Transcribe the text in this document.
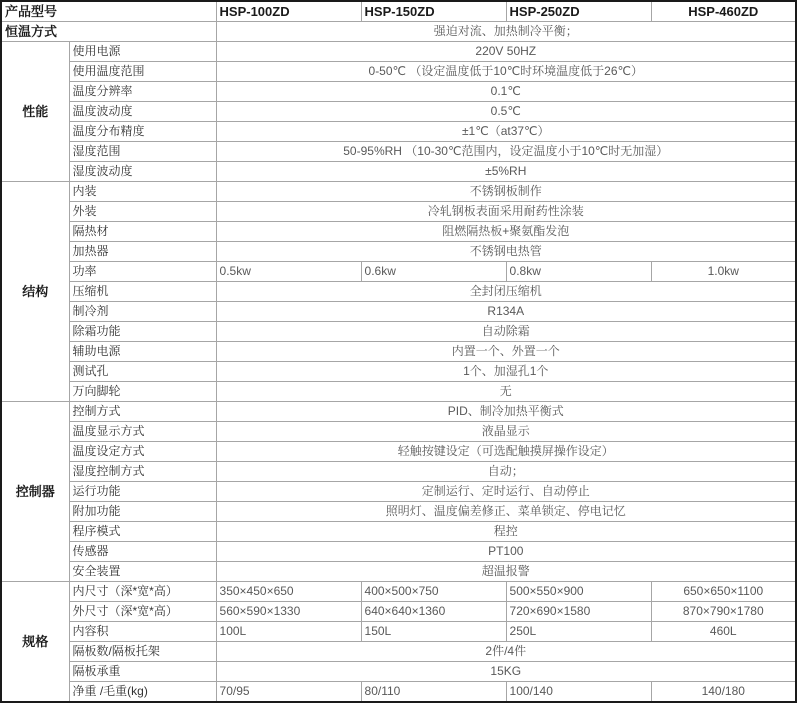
产品型号		HSP-100ZD	HSP-150ZD	HSP-250ZD	HSP-460ZD
恒温方式		强迫对流、加热制冷平衡；			
性能	使用电源	220V 50HZ			
	使用温度范围	0-50℃ （设定温度低于10℃时环境温度低于26℃）			
	温度分辨率	0.1℃			
	温度波动度	0.5℃			
	温度分布精度	±1℃（at37℃）			
	湿度范围	50-95%RH （10-30℃范围内，设定温度小于10℃时无加湿）			
	湿度波动度	±5%RH			
结构	内装	不锈钢板制作			
	外装	冷轧钢板表面采用耐药性涂装			
	隔热材	阻燃隔热板+聚氨酯发泡			
	加热器	不锈钢电热管			
	功率	0.5kw	0.6kw	0.8kw	1.0kw
	压缩机	全封闭压缩机			
	制冷剂	R134A			
	除霜功能	自动除霜			
	辅助电源	内置一个、外置一个			
	测试孔	1个、加湿孔1个			
	万向脚轮	无			
控制器	控制方式	PID、制冷加热平衡式			
	温度显示方式	液晶显示			
	温度设定方式	轻触按键设定（可选配触摸屏操作设定）			
	湿度控制方式	自动；			
	运行功能	定制运行、定时运行、自动停止			
	附加功能	照明灯、温度偏差修正、菜单锁定、停电记忆			
	程序模式	程控			
	传感器	PT100			
	安全装置	超温报警			
规格	内尺寸（深*宽*高）	350×450×650	400×500×750	500×550×900	650×650×1100
	外尺寸（深*宽*高）	560×590×1330	640×640×1360	720×690×1580	870×790×1780
	内容积	100L	150L	250L	460L
	隔板数/隔板托架	2件/4件			
	隔板承重	15KG			
	净重 /毛重(kg)	70/95	80/110	100/140	140/180
